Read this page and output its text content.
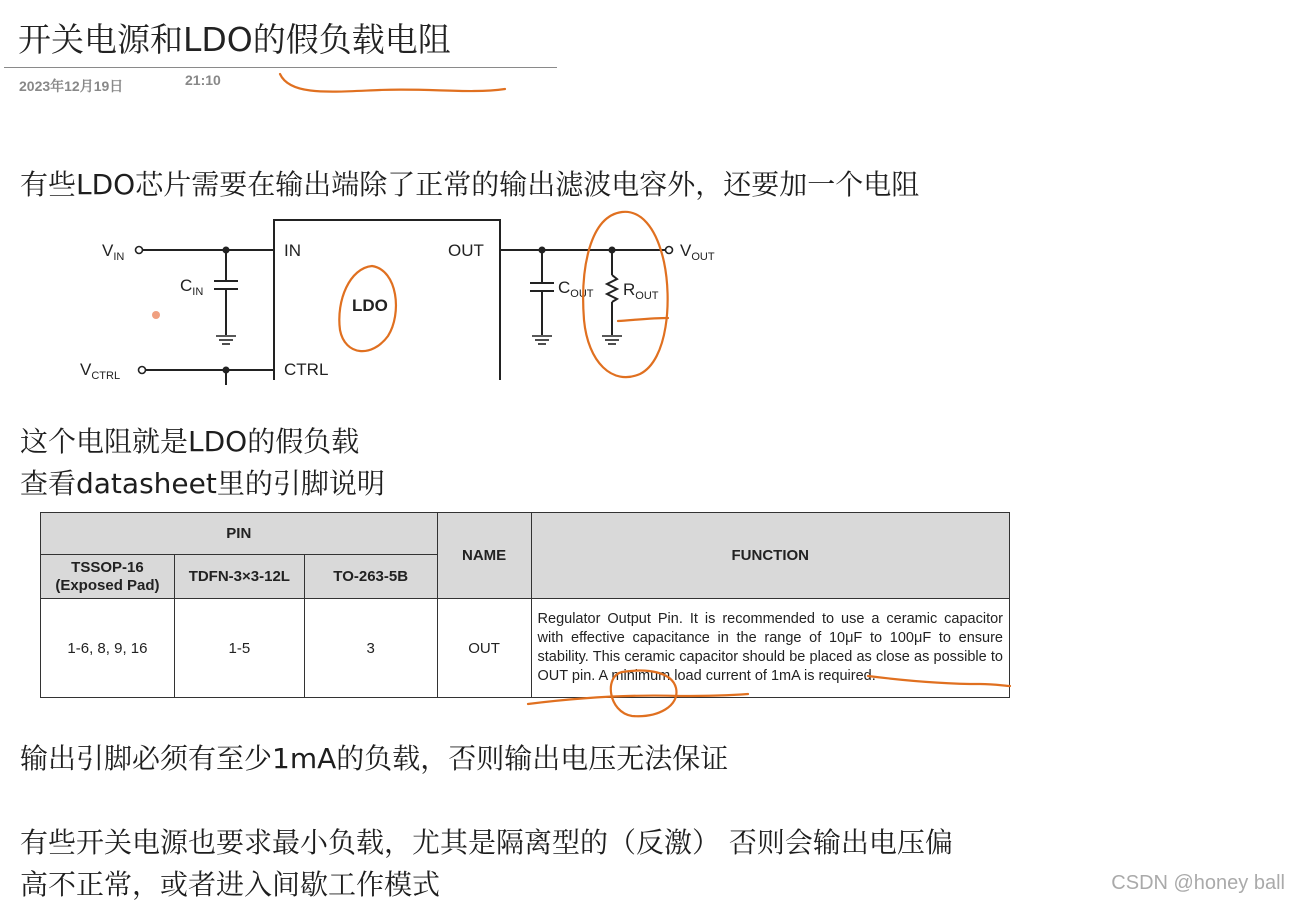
开关电源和LDO的假负载电阻
2023年12月19日	21:10
有些LDO芯片需要在输出端除了正常的输出滤波电容外，还要加一个电阻
$V_{IN}$
$V_{CTRL}$
$C_{IN}$	$C_{OUT}$ $R_{OUT}$
$V_{OUT}$
IN	OUT
CTRL
LDO
这个电阻就是LDO的假负载
查看datasheet里的引脚说明
PIN			NAME	FUNCTION

TSSOP-16
(Exposed Pad)	TDFN-3×3-12L	TO-263-5B		
1-6, 8, 9, 16	1-5	3	OUT	Regulator Output Pin. It is recommended to use a ceramic capacitor with effective capacitance in the range of 10μF to 100μF to ensure stability. This ceramic capacitor should be placed as close as possible to OUT pin. A minimum load current of 1mA is required.
输出引脚必须有至少1mA的负载，否则输出电压无法保证
有些开关电源也要求最小负载，尤其是隔离型的（反激） 否则会输出电压偏
高不正常，或者进入间歇工作模式	CSDN @honey ball
